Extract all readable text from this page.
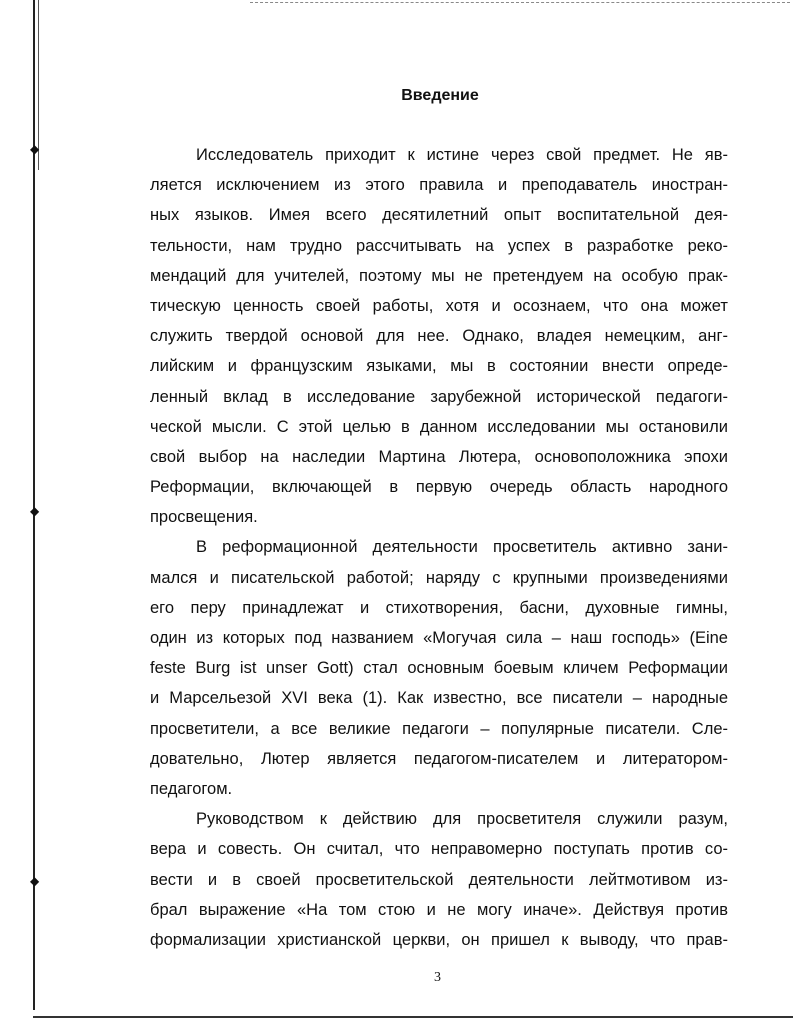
◆
◆
◆
Введение
Исследователь приходит к истине через свой предмет. Не яв-
ляется исключением из этого правила и преподаватель иностран-
ных языков. Имея всего десятилетний опыт воспитательной дея-
тельности, нам трудно рассчитывать на успех в разработке реко-
мендаций для учителей, поэтому мы не претендуем на особую прак-
тическую ценность своей работы, хотя и осознаем, что она может
служить твердой основой для нее. Однако, владея немецким, анг-
лийским и французским языками, мы в состоянии внести опреде-
ленный вклад в исследование зарубежной исторической педагоги-
ческой мысли. С этой целью в данном исследовании мы остановили
свой выбор на наследии Мартина Лютера, основоположника эпохи
Реформации, включающей в первую очередь область народного
просвещения.
В реформационной деятельности просветитель активно зани-
мался и писательской работой; наряду с крупными произведениями
его перу принадлежат и стихотворения, басни, духовные гимны,
один из которых под названием «Могучая сила – наш господь» (Eine
feste Burg ist unser Gott) стал основным боевым кличем Реформации
и Марсельезой XVI века (1). Как известно, все писатели – народные
просветители, а все великие педагоги – популярные писатели. Сле-
довательно, Лютер является педагогом-писателем и литератором-
педагогом.
Руководством к действию для просветителя служили разум,
вера и совесть. Он считал, что неправомерно поступать против со-
вести и в своей просветительской деятельности лейтмотивом из-
брал выражение «На том стою и не могу иначе». Действуя против
формализации христианской церкви, он пришел к выводу, что прав-
3
